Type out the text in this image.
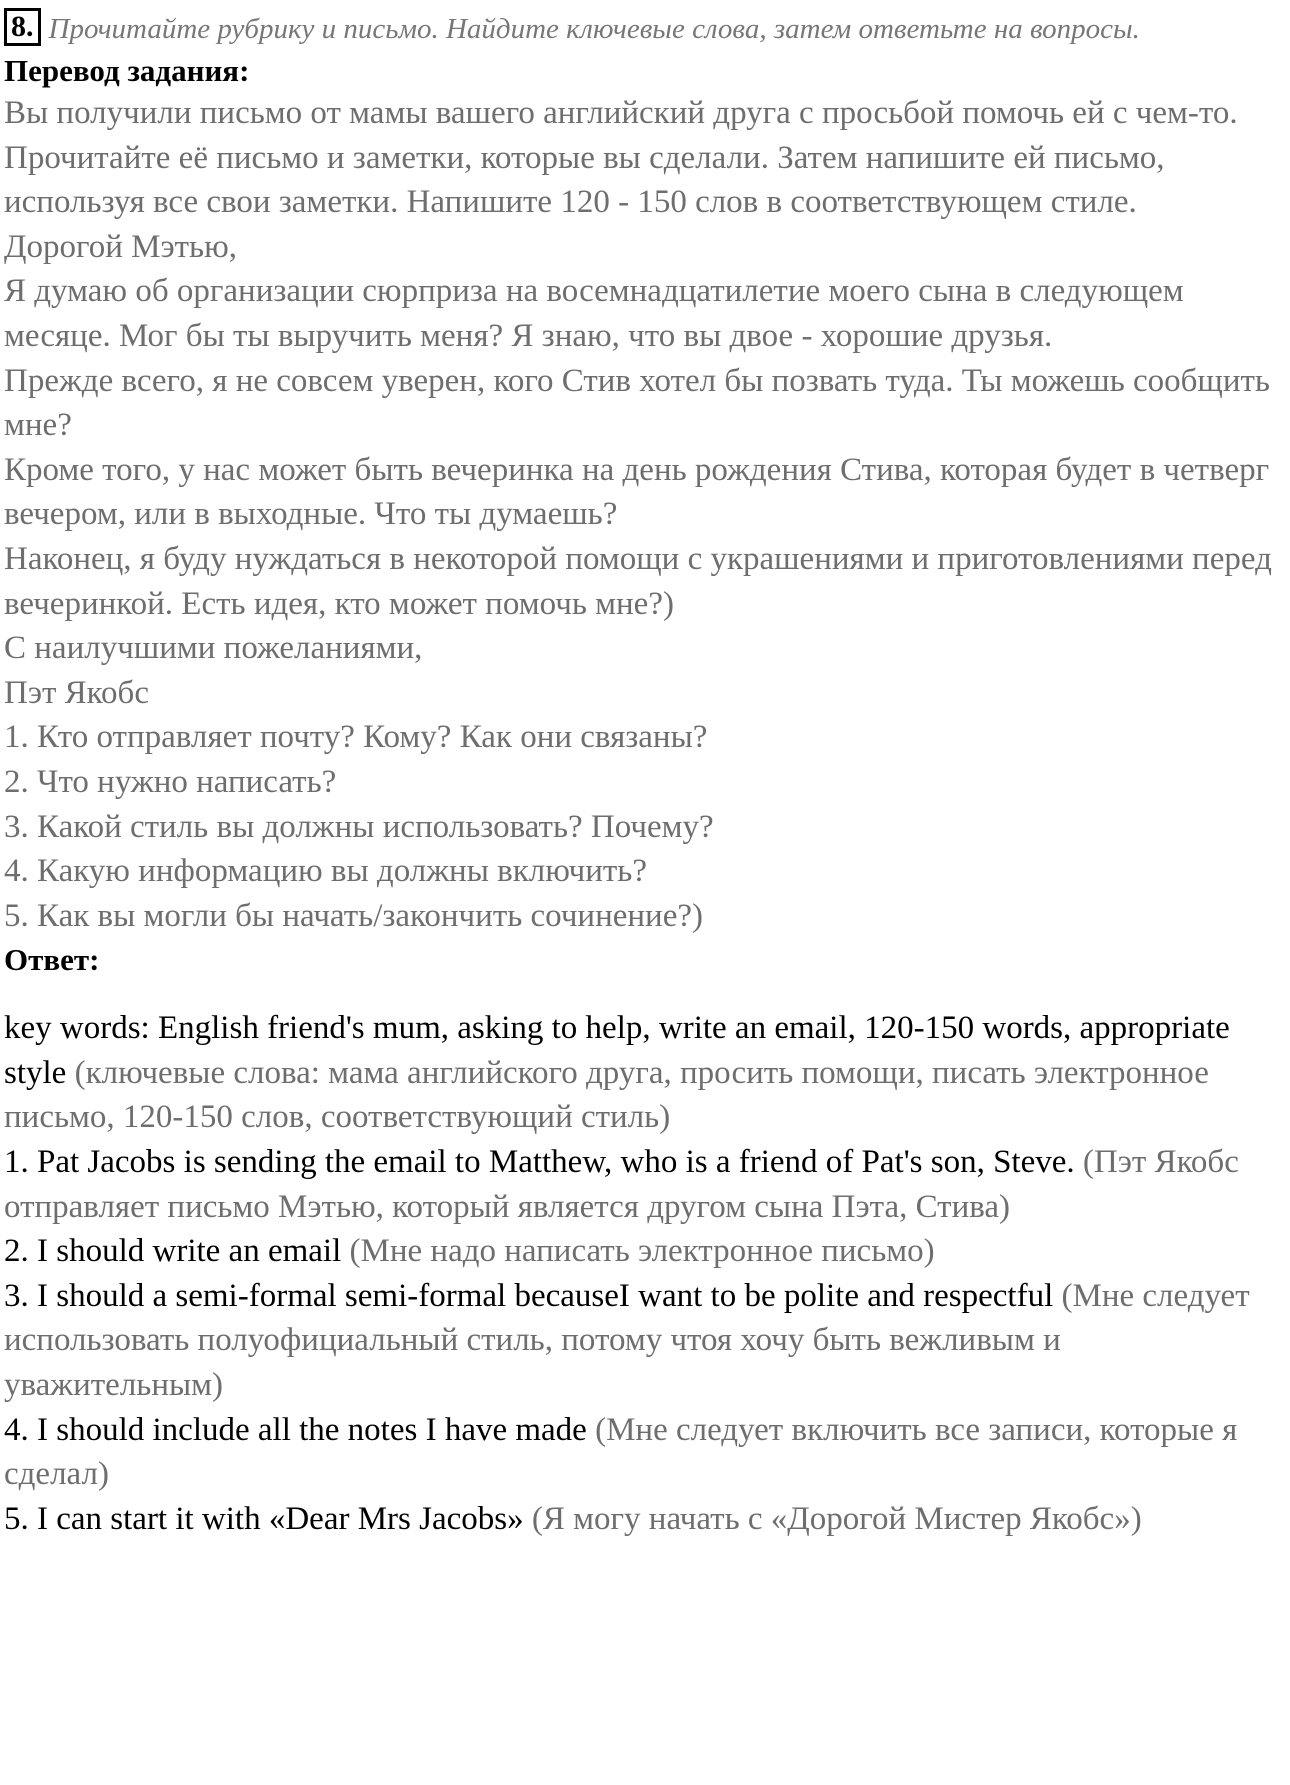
8. Прочитайте рубрику и письмо. Найдите ключевые слова, затем ответьте на вопросы.
Перевод задания:
Вы получили письмо от мамы вашего английский друга с просьбой помочь ей с чем-то. Прочитайте её письмо и заметки, которые вы сделали. Затем напишите ей письмо, используя все свои заметки. Напишите 120 - 150 слов в соответствующем стиле.
Дорогой Мэтью,
Я думаю об организации сюрприза на восемнадцатилетие моего сына в следующем месяце. Мог бы ты выручить меня? Я знаю, что вы двое - хорошие друзья.
Прежде всего, я не совсем уверен, кого Стив хотел бы позвать туда. Ты можешь сообщить мне?
Кроме того, у нас может быть вечеринка на день рождения Стива, которая будет в четверг вечером, или в выходные. Что ты думаешь?
Наконец, я буду нуждаться в некоторой помощи с украшениями и приготовлениями перед вечеринкой. Есть идея, кто может помочь мне?)
С наилучшими пожеланиями,
Пэт Якобс
1. Кто отправляет почту? Кому? Как они связаны?
2. Что нужно написать?
3. Какой стиль вы должны использовать? Почему?
4. Какую информацию вы должны включить?
5. Как вы могли бы начать/закончить сочинение?)
Ответ:
key words: English friend's mum, asking to help, write an email, 120-150 words, appropriate style (ключевые слова: мама английского друга, просить помощи, писать электронное письмо, 120-150 слов, соответствующий стиль)
1. Pat Jacobs is sending the email to Matthew, who is a friend of Pat's son, Steve. (Пэт Якобс отправляет письмо Мэтью, который является другом сына Пэта, Стива)
2. I should write an email (Мне надо написать электронное письмо)
3. I should a semi-formal semi-formal becauseI want to be polite and respectful (Мне следует использовать полуофициальный стиль, потому чтоя хочу быть вежливым и уважительным)
4. I should include all the notes I have made (Мне следует включить все записи, которые я сделал)
5. I can start it with «Dear Mrs Jacobs» (Я могу начать с «Дорогой Мистер Якобс»)
